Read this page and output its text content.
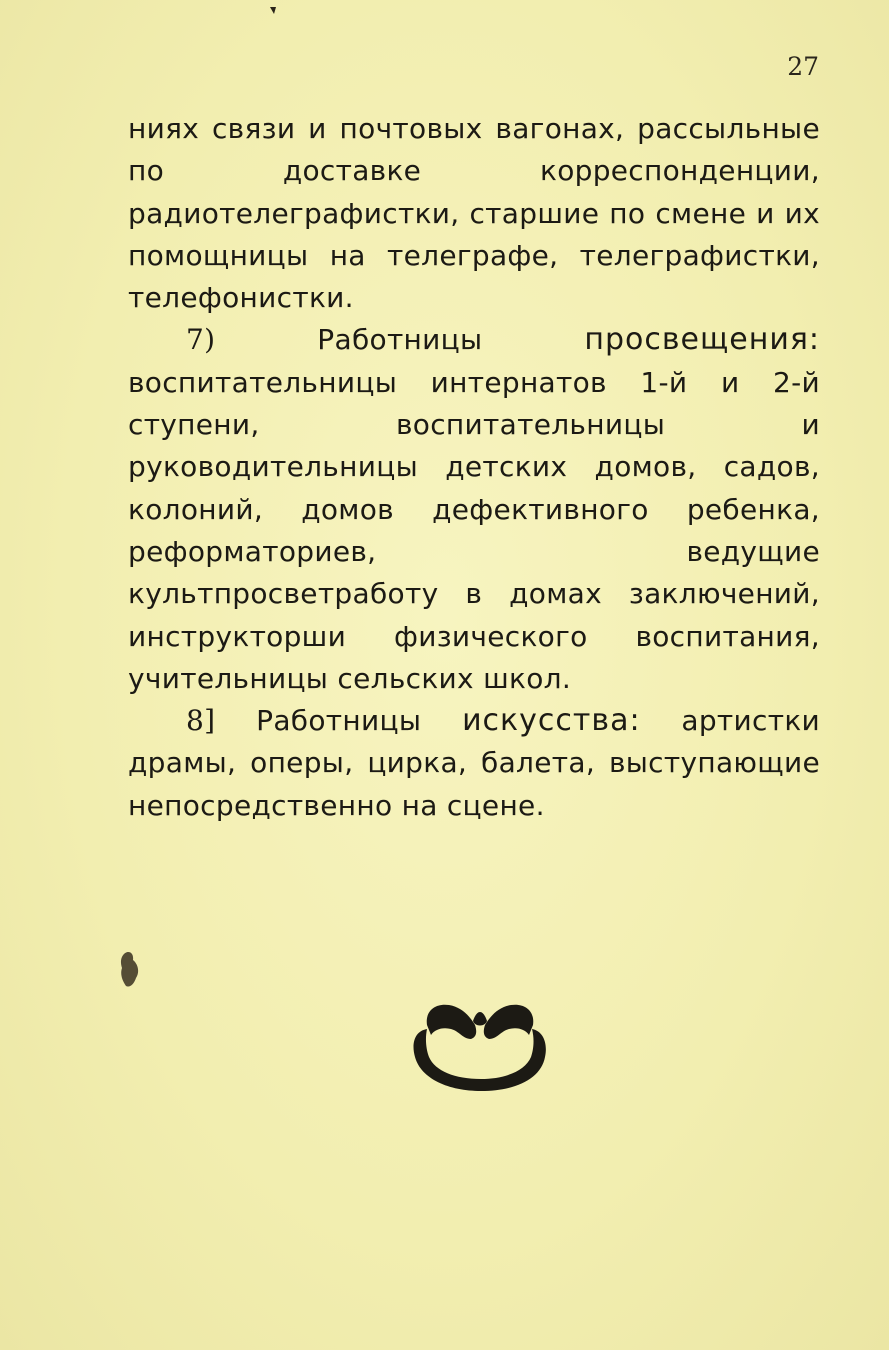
27

ниях связи и почтовых вагонах, рассыльные по доставке корреспонденции, радиотелеграфистки, старшие по смене и их помощницы на телеграфе, телеграфистки, телефонистки.

7)	Работницы	просвещения: воспитательницы интернатов 1-й и 2-й ступени, воспитательницы и руководительницы детских домов, садов, колоний, домов дефективного ребенка, реформаториев, ведущие культпросветработу в домах заключений, инструкторши физического воспитания, учительницы сельских школ.

8] Работницы искусства: артистки драмы, оперы, цирка, балета, выступающие непосредственно на сцене.
